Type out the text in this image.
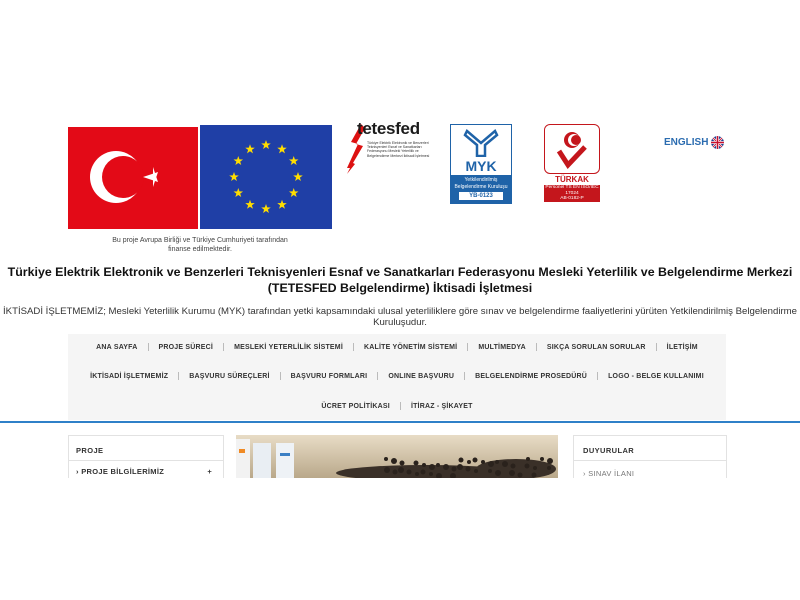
Bu proje Avrupa Birliği ve Türkiye Cumhuriyeti tarafından finanse edilmektedir.
tetesfed
Türkiye Elektrik Elektronik ve Benzerleri Teknisyenleri Esnaf ve Sanatkarları Federasyonu Mesleki Yeterlilik ve Belgelendirme Merkezi İktisadi İşletmesi
MYK
Yetkilendirilmiş Belgelendirme Kuruluşu
YB-0123
TÜRKAK
Personel TS EN ISO/IEC 17024
AB-0182-P
ENGLISH
Türkiye Elektrik Elektronik ve Benzerleri Teknisyenleri Esnaf ve Sanatkarları Federasyonu Mesleki Yeterlilik ve Belgelendirme Merkezi (TETESFED Belgelendirme) İktisadi İşletmesi
İKTİSADİ İŞLETMEMİZ; Mesleki Yeterlilik Kurumu (MYK) tarafından yetki kapsamındaki ulusal yeterliliklere göre sınav ve belgelendirme faaliyetlerini yürüten Yetkilendirilmiş Belgelendirme
Kuruluşudur.
ANA SAYFA	PROJE SÜRECİ	MESLEKİ YETERLİLİK SİSTEMİ	KALİTE YÖNETİM SİSTEMİ	MULTİMEDYA	SIKÇA SORULAN SORULAR	İLETİŞİM
İKTİSADİ İŞLETMEMİZ	BAŞVURU SÜREÇLERİ	BAŞVURU FORMLARI	ONLINE BAŞVURU	BELGELENDİRME PROSEDÜRÜ	LOGO - BELGE KULLANIMI
ÜCRET POLİTİKASI	İTİRAZ - ŞİKAYET
PROJE
› PROJE BİLGİLERİMİZ	+
DUYURULAR
› SINAV İLANI
